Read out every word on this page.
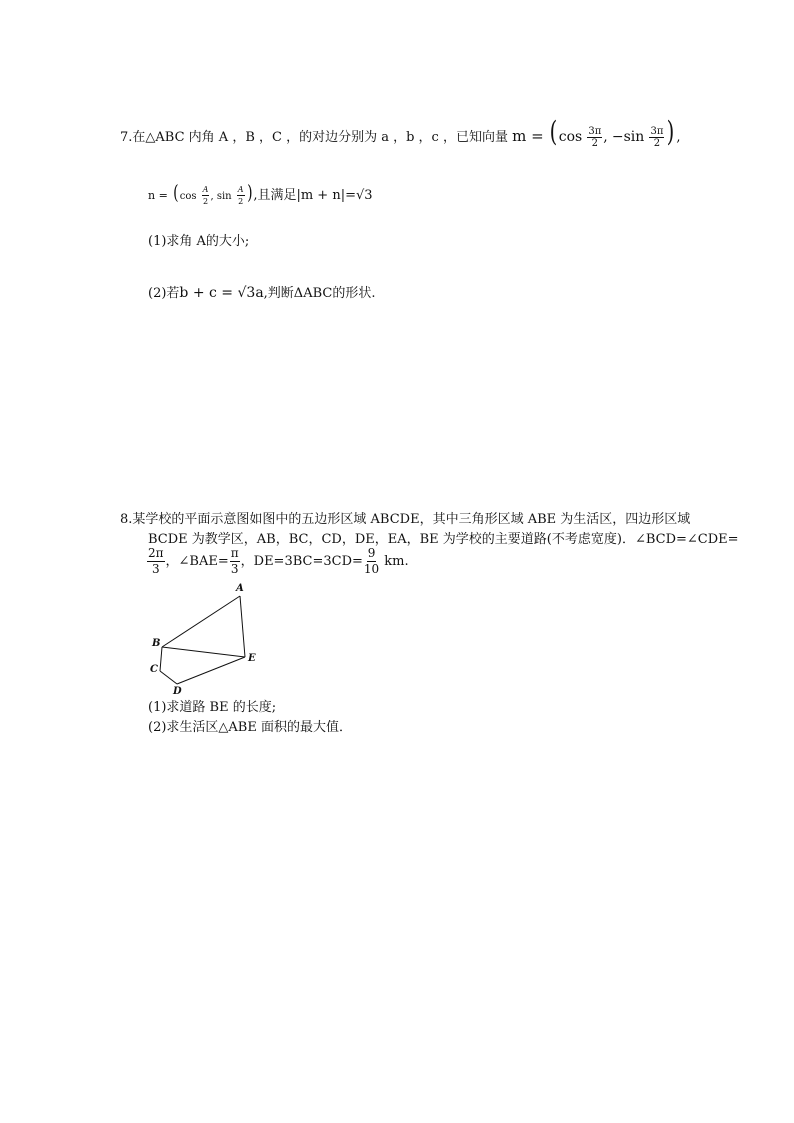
7.在△ABC 内角 A ，B ，C ，的对边分别为 a ，b ，c ，已知向量 m = ( $\cos \frac{3\pi}{2}$ , $-\sin \frac{3\pi}{2}$ ) ,
$n = (\cos \frac{A}{2}$ , $\sin \frac{A}{2}$ ),且满足|m + n|=√3
(1)求角 A的大小;
(2)若b + c = √3a,判断ΔABC的形状.
8.某学校的平面示意图如图中的五边形区域 ABCDE，其中三角形区域 ABE 为生活区，四边形区域
BCDE 为教学区，AB，BC，CD，DE，EA，BE 为学校的主要道路(不考虑宽度)．∠BCD=∠CDE=
$\frac{2\pi}{3}$ ，∠BAE= $\frac{\pi}{3}$ ，$DE=3BC=3CD= \frac{9}{10}$ km.
A
B
C
D
E
(1)求道路 BE 的长度;
(2)求生活区△ABE 面积的最大值．
